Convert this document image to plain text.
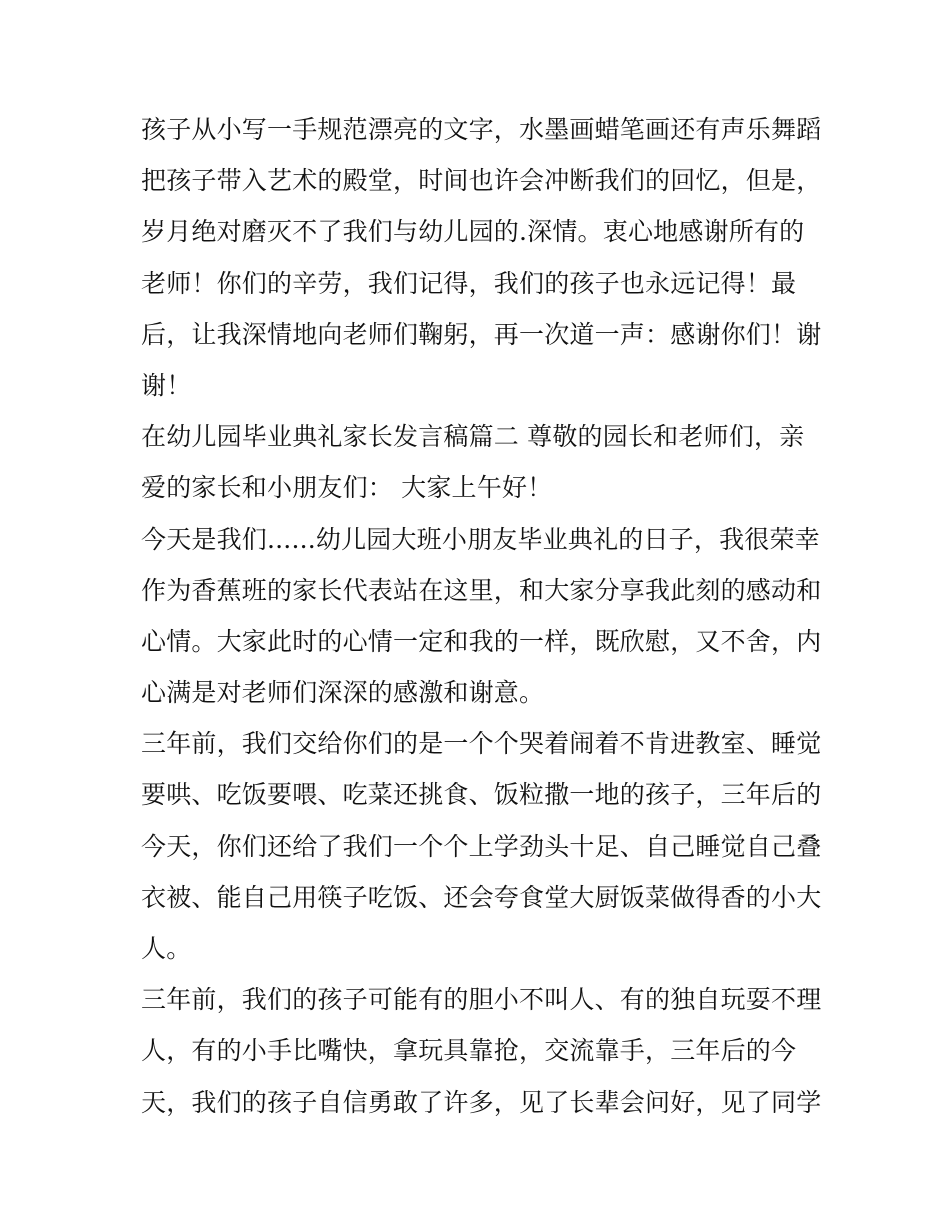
孩子从小写一手规范漂亮的文字，水墨画蜡笔画还有声乐舞蹈
把孩子带入艺术的殿堂，时间也许会冲断我们的回忆，但是，
岁月绝对磨灭不了我们与幼儿园的.深情。衷心地感谢所有的
老师！你们的辛劳，我们记得，我们的孩子也永远记得！最
后，让我深情地向老师们鞠躬，再一次道一声：感谢你们！谢
谢！
在幼儿园毕业典礼家长发言稿篇二 尊敬的园长和老师们，亲
爱的家长和小朋友们： 大家上午好！
今天是我们......幼儿园大班小朋友毕业典礼的日子，我很荣幸
作为香蕉班的家长代表站在这里，和大家分享我此刻的感动和
心情。大家此时的心情一定和我的一样，既欣慰，又不舍，内
心满是对老师们深深的感激和谢意。
三年前，我们交给你们的是一个个哭着闹着不肯进教室、睡觉
要哄、吃饭要喂、吃菜还挑食、饭粒撒一地的孩子，三年后的
今天，你们还给了我们一个个上学劲头十足、自己睡觉自己叠
衣被、能自己用筷子吃饭、还会夸食堂大厨饭菜做得香的小大
人。
三年前，我们的孩子可能有的胆小不叫人、有的独自玩耍不理
人，有的小手比嘴快，拿玩具靠抢，交流靠手，三年后的今
天，我们的孩子自信勇敢了许多，见了长辈会问好，见了同学
